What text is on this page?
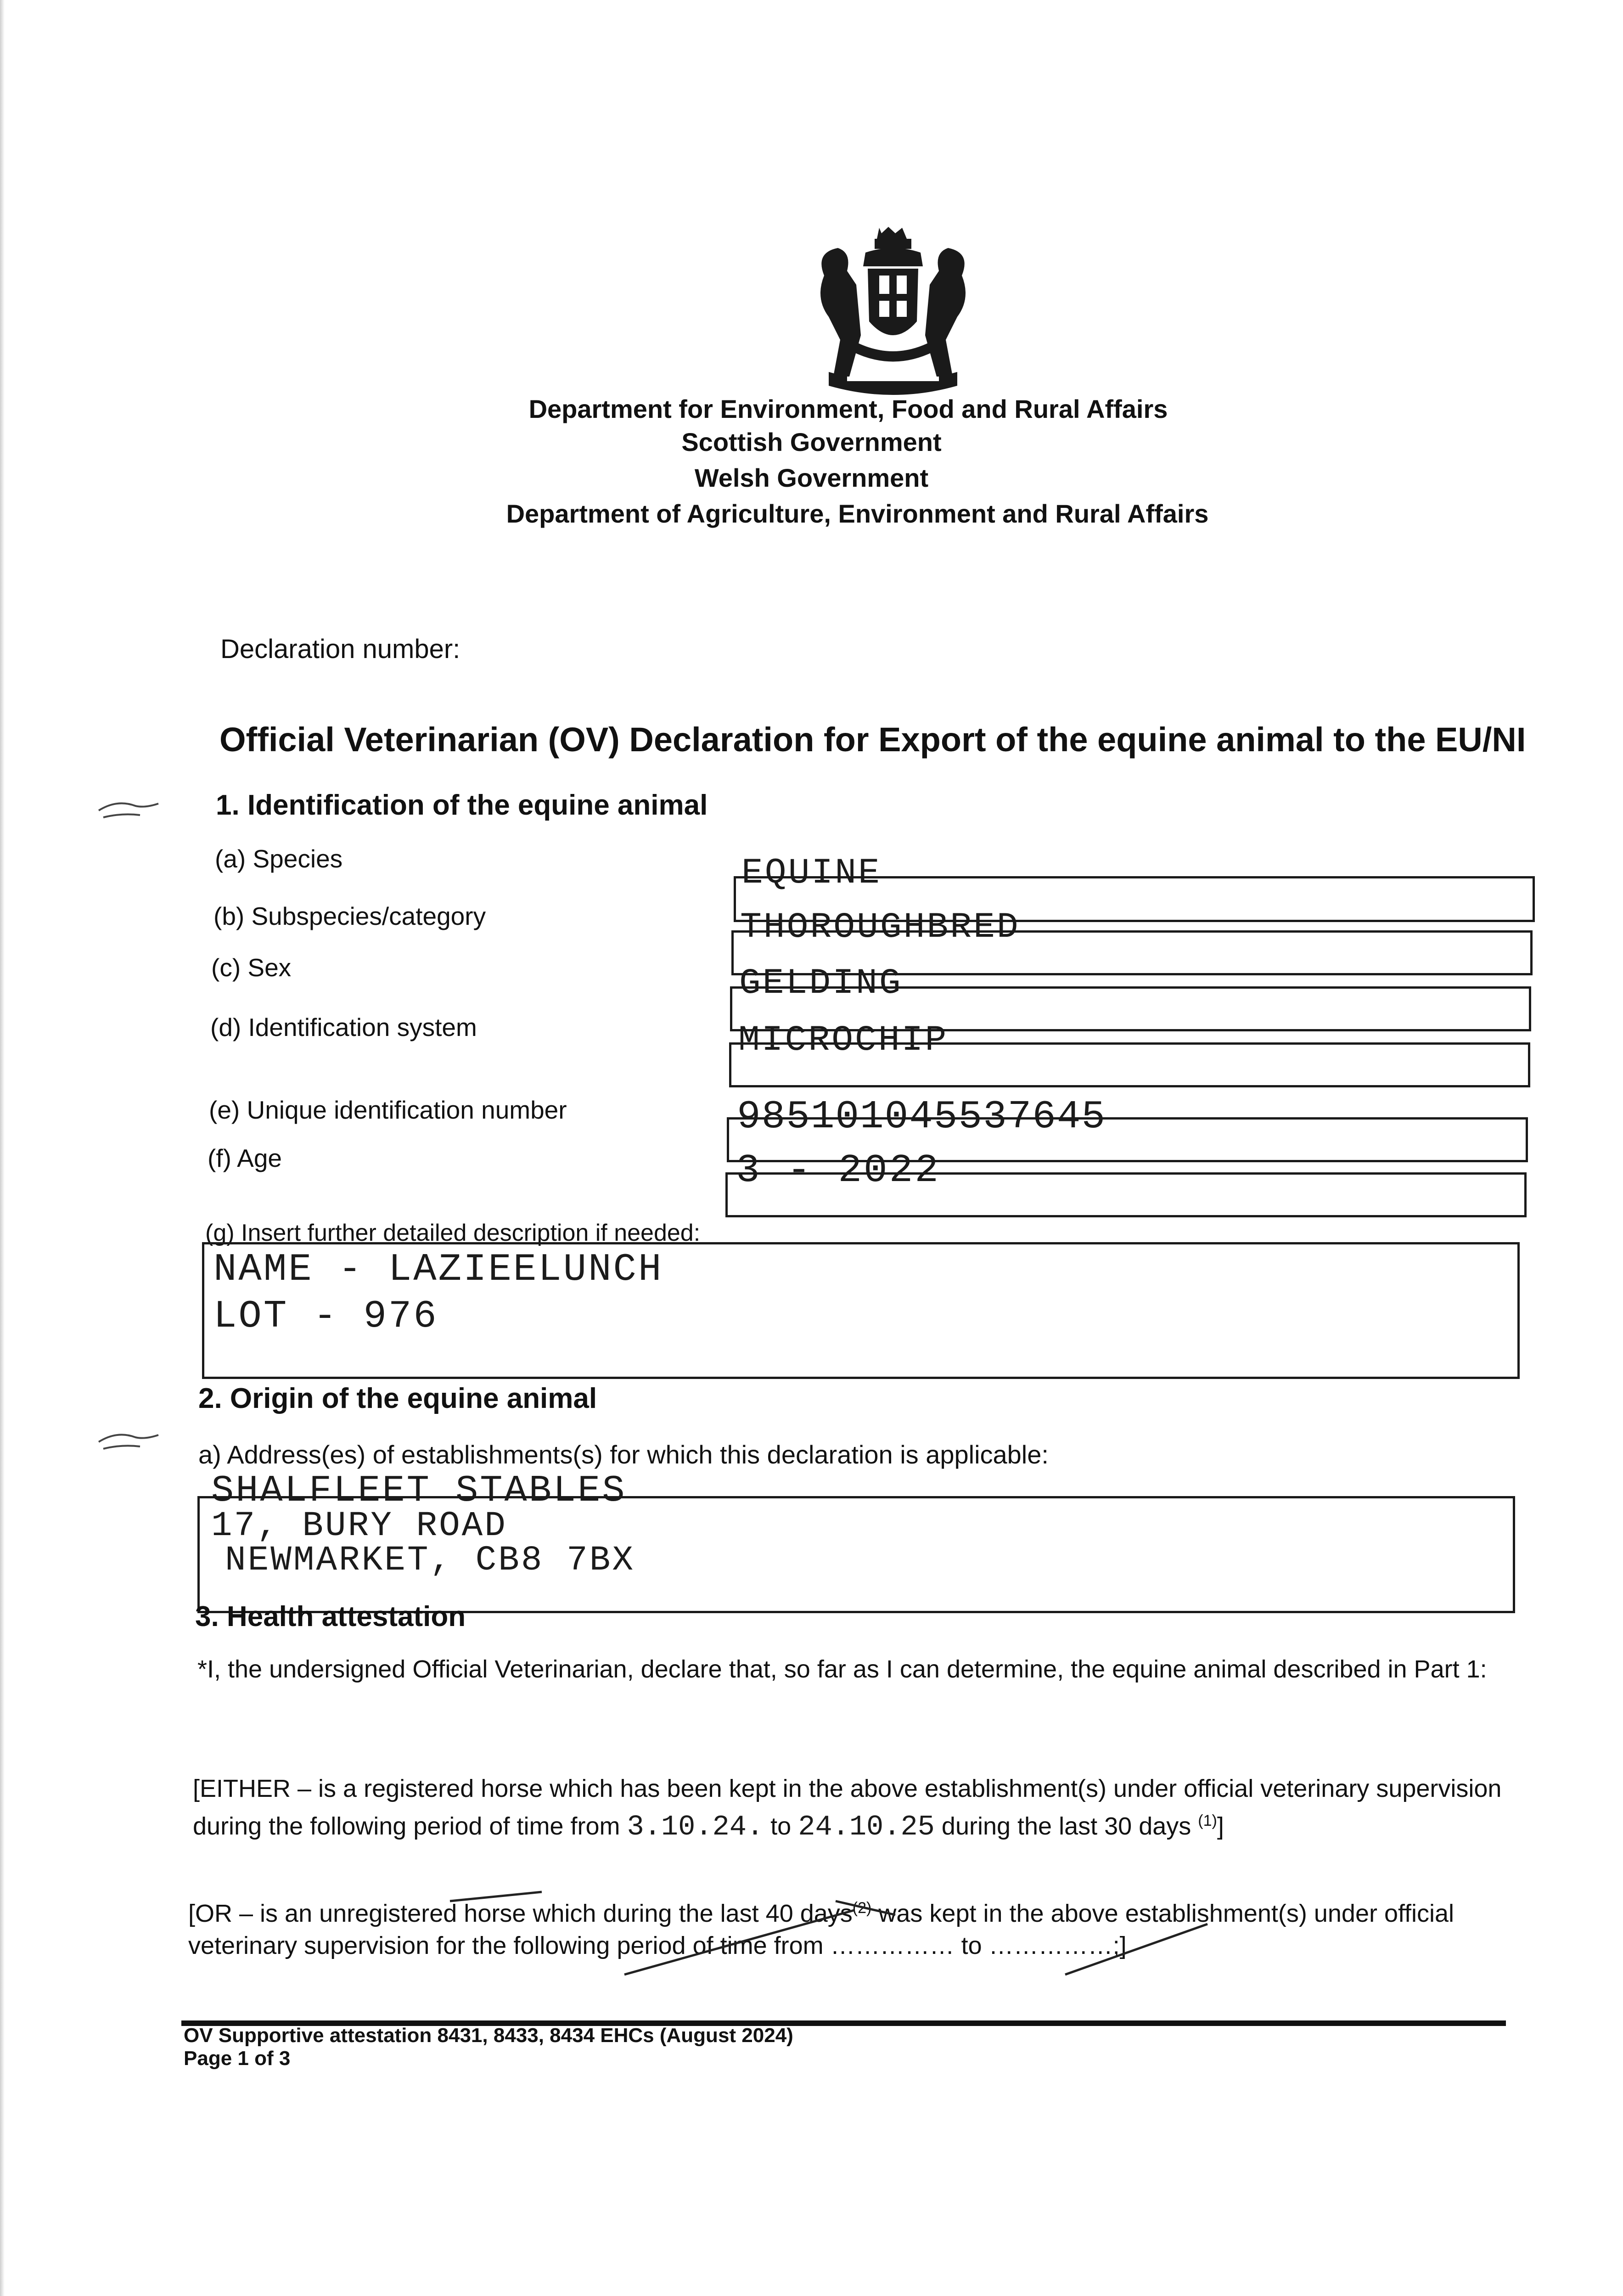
Department for Environment, Food and Rural Affairs
Scottish Government
Welsh Government
Department of Agriculture, Environment and Rural Affairs
Declaration number:
Official Veterinarian (OV) Declaration for Export of the equine animal to the EU/NI
1. Identification of the equine animal
(a) Species	EQUINE
(b) Subspecies/category	THOROUGHBRED
(c) Sex	GELDING
(d) Identification system	MICROCHIP
(e) Unique identification number	985101045537645
(f) Age	3 - 2022
(g) Insert further detailed description if needed:
NAME - LAZIEELUNCH
LOT - 976
2. Origin of the equine animal
a) Address(es) of establishments(s) for which this declaration is applicable:
SHALFLEET STABLES
17, BURY ROAD
NEWMARKET, CB8 7BX
3. Health attestation
*I, the undersigned Official Veterinarian, declare that, so far as I can determine, the equine animal described in Part 1:
[EITHER – is a registered horse which has been kept in the above establishment(s) under official veterinary supervision during the following period of time from 3.10.24. to 24.10.25 during the last 30 days $^{(1)}$]
[OR – is an unregistered horse which during the last 40 days$^{(2)}$ was kept in the above establishment(s) under official veterinary supervision for the following period of time from …………… to ……………;]
OV Supportive attestation 8431, 8433, 8434 EHCs (August 2024)
Page 1 of 3
